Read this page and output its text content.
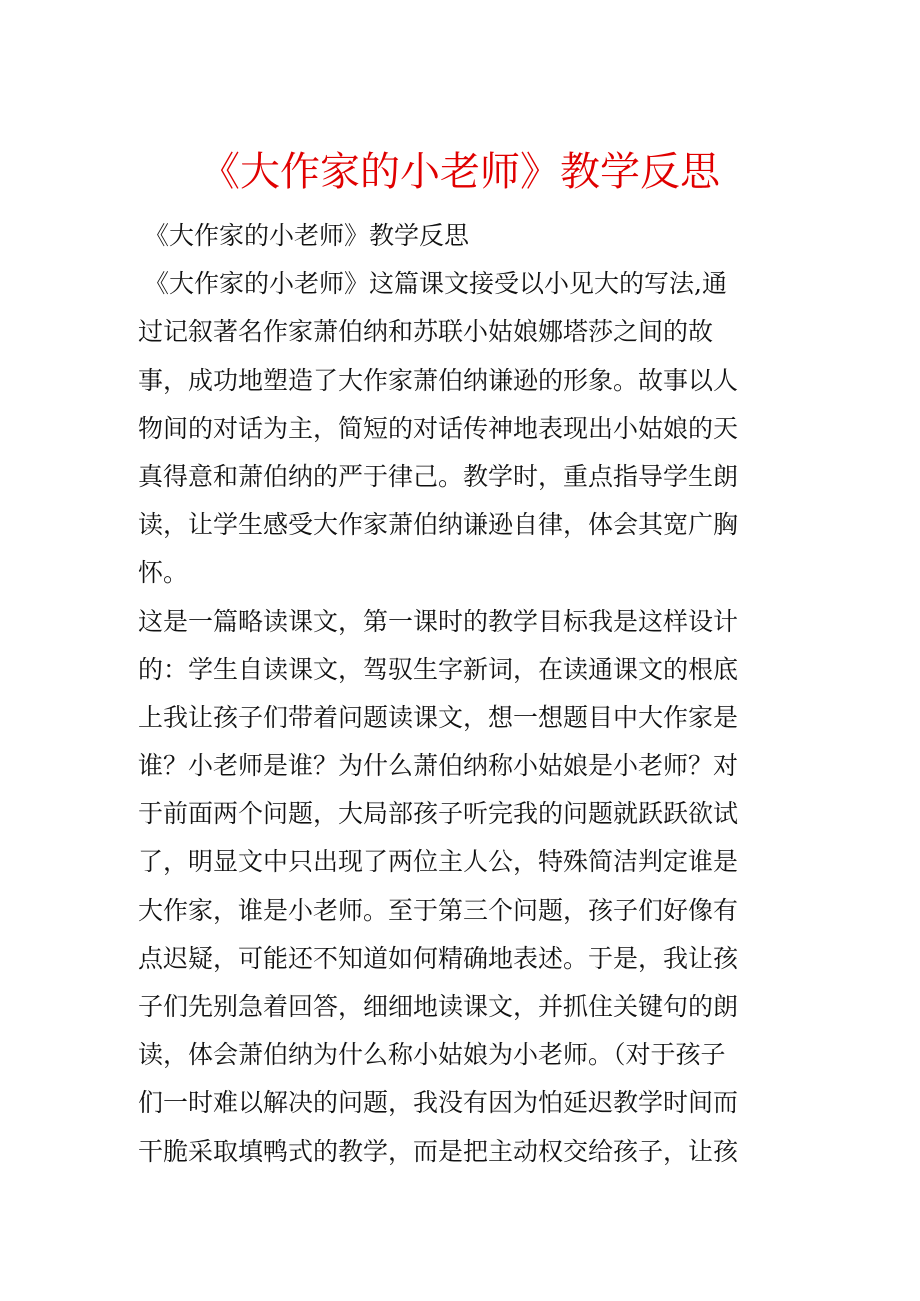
《大作家的小老师》教学反思
《大作家的小老师》教学反思
《大作家的小老师》这篇课文接受以小见大的写法,通
过记叙著名作家萧伯纳和苏联小姑娘娜塔莎之间的故
事，成功地塑造了大作家萧伯纳谦逊的形象。故事以人
物间的对话为主，简短的对话传神地表现出小姑娘的天
真得意和萧伯纳的严于律己。教学时，重点指导学生朗
读，让学生感受大作家萧伯纳谦逊自律，体会其宽广胸
怀。
这是一篇略读课文，第一课时的教学目标我是这样设计
的：学生自读课文，驾驭生字新词，在读通课文的根底
上我让孩子们带着问题读课文，想一想题目中大作家是
谁？小老师是谁？为什么萧伯纳称小姑娘是小老师？对
于前面两个问题，大局部孩子听完我的问题就跃跃欲试
了，明显文中只出现了两位主人公，特殊简洁判定谁是
大作家，谁是小老师。至于第三个问题，孩子们好像有
点迟疑，可能还不知道如何精确地表述。于是，我让孩
子们先别急着回答，细细地读课文，并抓住关键句的朗
读，体会萧伯纳为什么称小姑娘为小老师。（对于孩子
们一时难以解决的问题，我没有因为怕延迟教学时间而
干脆采取填鸭式的教学，而是把主动权交给孩子，让孩
